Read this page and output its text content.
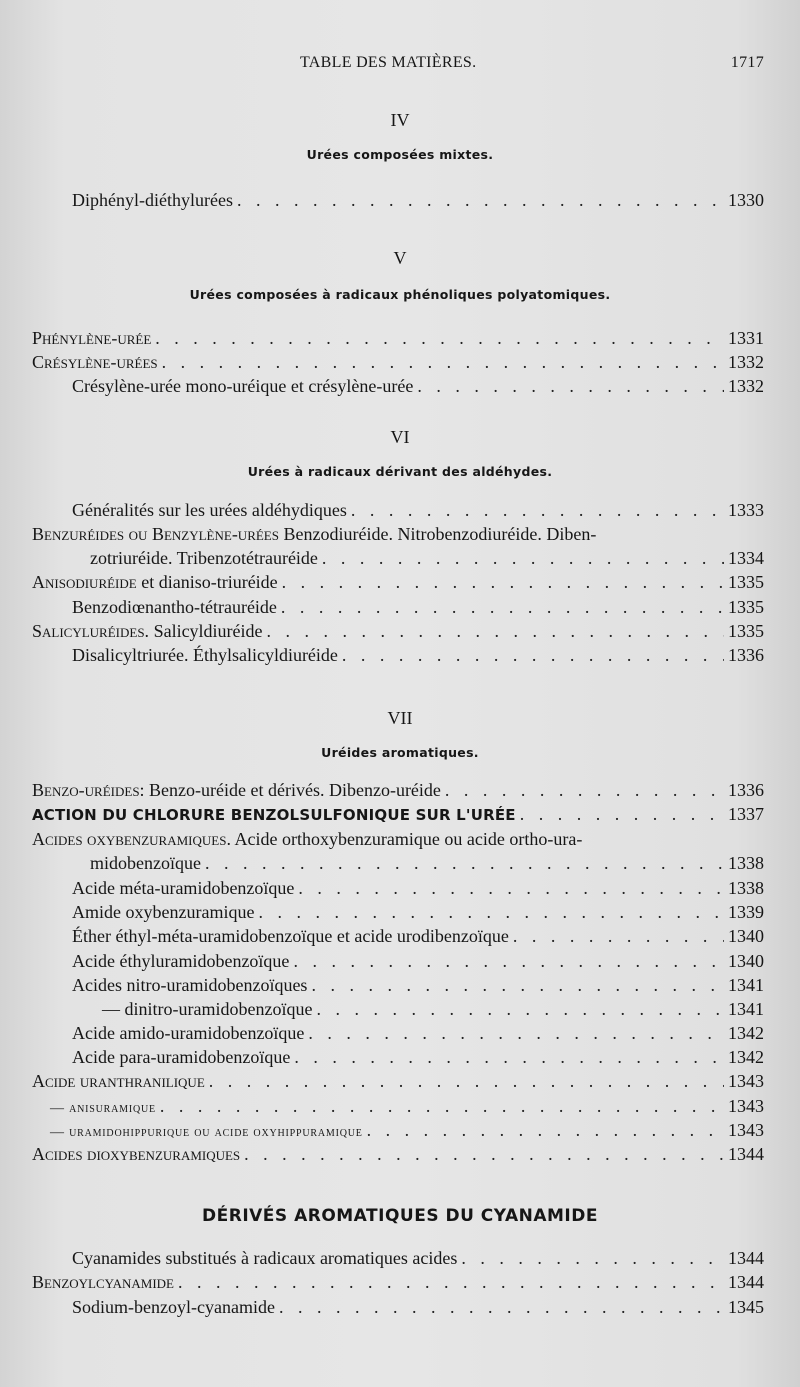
TABLE DES MATIÈRES.	1717
IV
Urées composées mixtes.
Diphényl-diéthylurées . . .	1330
V
Urées composées à radicaux phénoliques polyatomiques.
Phénylène-urée . . .	1331
Crésylène-urées . . .	1332
Crésylène-urée mono-uréique et crésylène-urée . . .	1332
VI
Urées à radicaux dérivant des aldéhydes.
Généralités sur les urées aldéhydiques . . .	1333
Benzuréides ou Benzylène-urées Benzodiuréide. Nitrobenzodiuréide. Diben-
zotriuréide. Tribenzotétrauréide . . .	1334
Anisodiuréide et dianiso-triuréide . . .	1335
Benzodiœnantho-tétrauréide . . .	1335
Salicyluréides. Salicyldiuréide . . .	1335
Disalicyltriurée. Éthylsalicyldiuréide . . .	1336
VII
Uréides aromatiques.
Benzo-uréides: Benzo-uréide et dérivés. Dibenzo-uréide . . .	1336
ACTION DU CHLORURE BENZOLSULFONIQUE SUR L'URÉE . . .	1337
Acides oxybenzuramiques. Acide orthoxybenzuramique ou acide ortho-ura-
midobenzoïque . . .	1338
Acide méta-uramidobenzoïque . . .	1338
Amide oxybenzuramique . . .	1339
Éther éthyl-méta-uramidobenzoïque et acide urodibenzoïque . . .	1340
Acide éthyluramidobenzoïque . . .	1340
Acides nitro-uramidobenzoïques . . .	1341
— dinitro-uramidobenzoïque . . .	1341
Acide amido-uramidobenzoïque . . .	1342
Acide para-uramidobenzoïque . . .	1342
Acide uranthranilique . . .	1343
— anisuramique . . .	1343
— uramidohippurique ou acide oxyhippuramique . . .	1343
Acides dioxybenzuramiques . . .	1344
DÉRIVÉS AROMATIQUES DU CYANAMIDE
Cyanamides substitués à radicaux aromatiques acides . . .	1344
Benzoylcyanamide . . .	1344
Sodium-benzoyl-cyanamide . . .	1345
